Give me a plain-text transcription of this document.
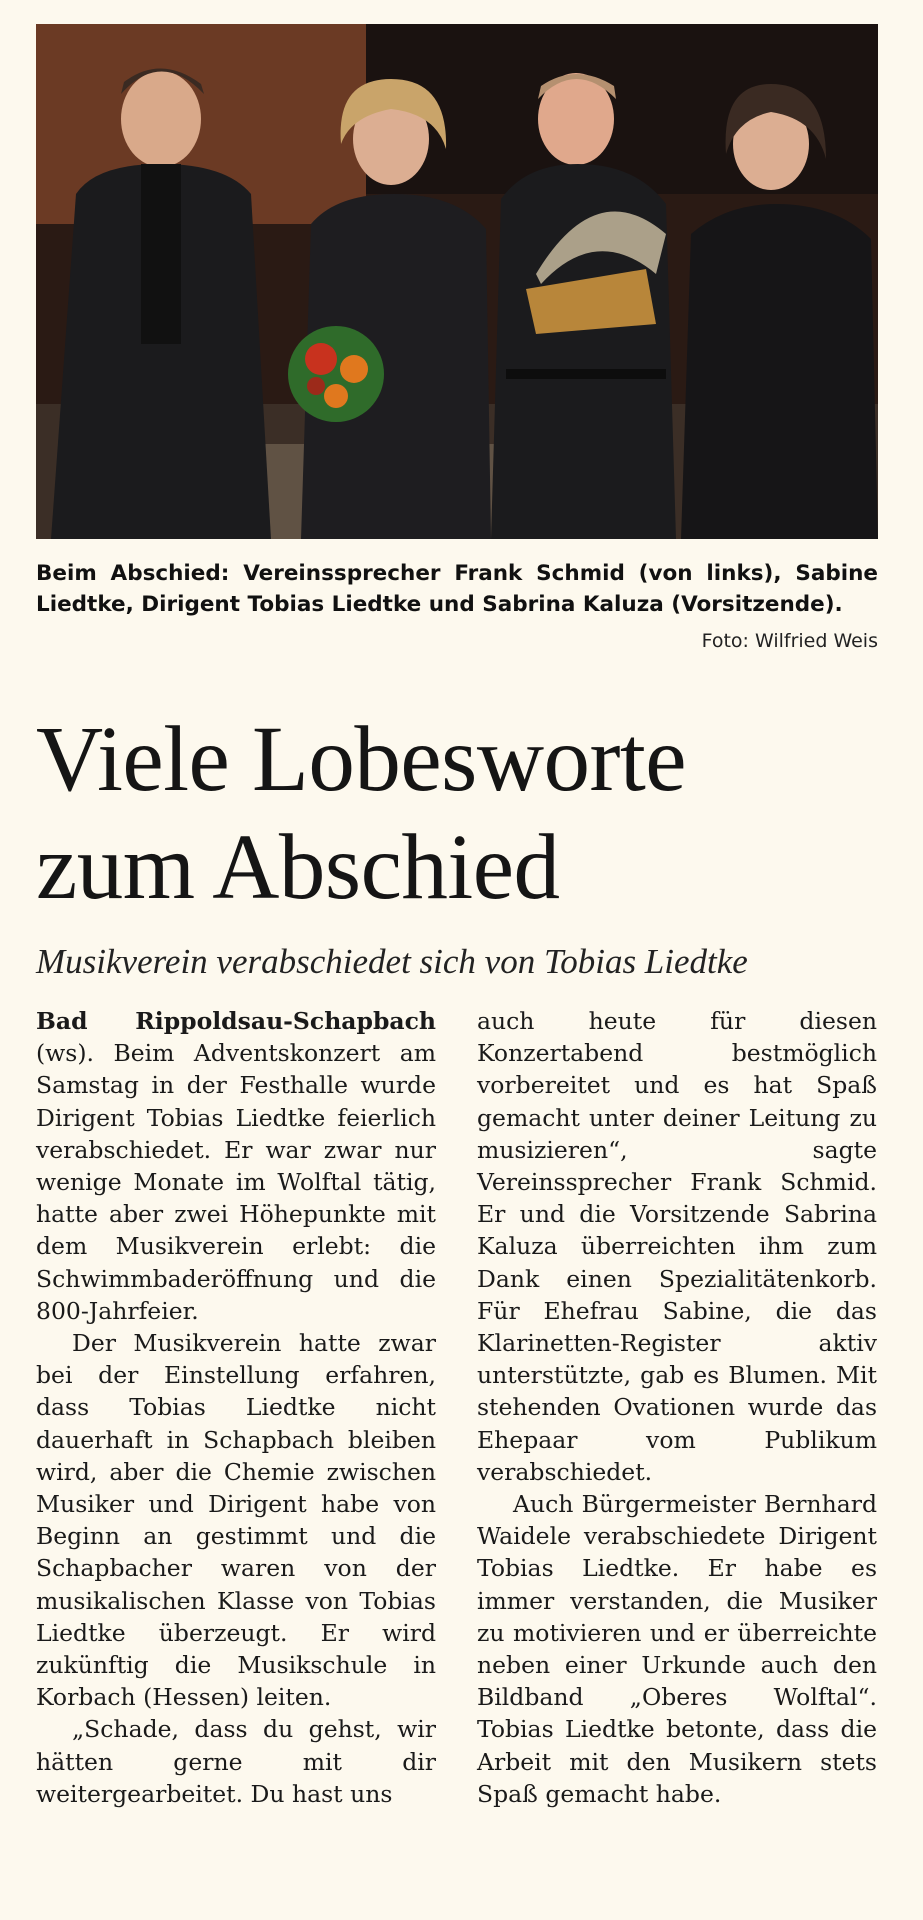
Beim Abschied: Vereinssprecher Frank Schmid (von links), Sabine Liedtke, Dirigent Tobias Liedtke und Sabrina Kaluza (Vorsitzende).
Foto: Wilfried Weis
Viele Lobesworte
zum Abschied
Musikverein verabschiedet sich von Tobias Liedtke

Bad Rippoldsau-Schapbach (ws). Beim Adventskonzert am Samstag in der Festhalle wurde Dirigent Tobias Liedtke feierlich verabschiedet. Er war zwar nur wenige Monate im Wolftal tätig, hatte aber zwei Höhepunkte mit dem Musikverein erlebt: die Schwimmbaderöffnung und die 800-Jahrfeier.

Der Musikverein hatte zwar bei der Einstellung erfahren, dass Tobias Liedtke nicht dauerhaft in Schapbach bleiben wird, aber die Chemie zwischen Musiker und Dirigent habe von Beginn an gestimmt und die Schapbacher waren von der musikalischen Klasse von Tobias Liedtke überzeugt. Er wird zukünftig die Musikschule in Korbach (Hessen) leiten.

„Schade, dass du gehst, wir hätten gerne mit dir weitergearbeitet. Du hast uns

auch heute für diesen Konzertabend bestmöglich vorbereitet und es hat Spaß gemacht unter deiner Leitung zu musizieren“, sagte Vereinssprecher Frank Schmid. Er und die Vorsitzende Sabrina Kaluza überreichten ihm zum Dank einen Spezialitätenkorb. Für Ehefrau Sabine, die das Klarinetten-Register aktiv unterstützte, gab es Blumen. Mit stehenden Ovationen wurde das Ehepaar vom Publikum verabschiedet.

Auch Bürgermeister Bernhard Waidele verabschiedete Dirigent Tobias Liedtke. Er habe es immer verstanden, die Musiker zu motivieren und er überreichte neben einer Urkunde auch den Bildband „Oberes Wolftal“. Tobias Liedtke betonte, dass die Arbeit mit den Musikern stets Spaß gemacht habe.
